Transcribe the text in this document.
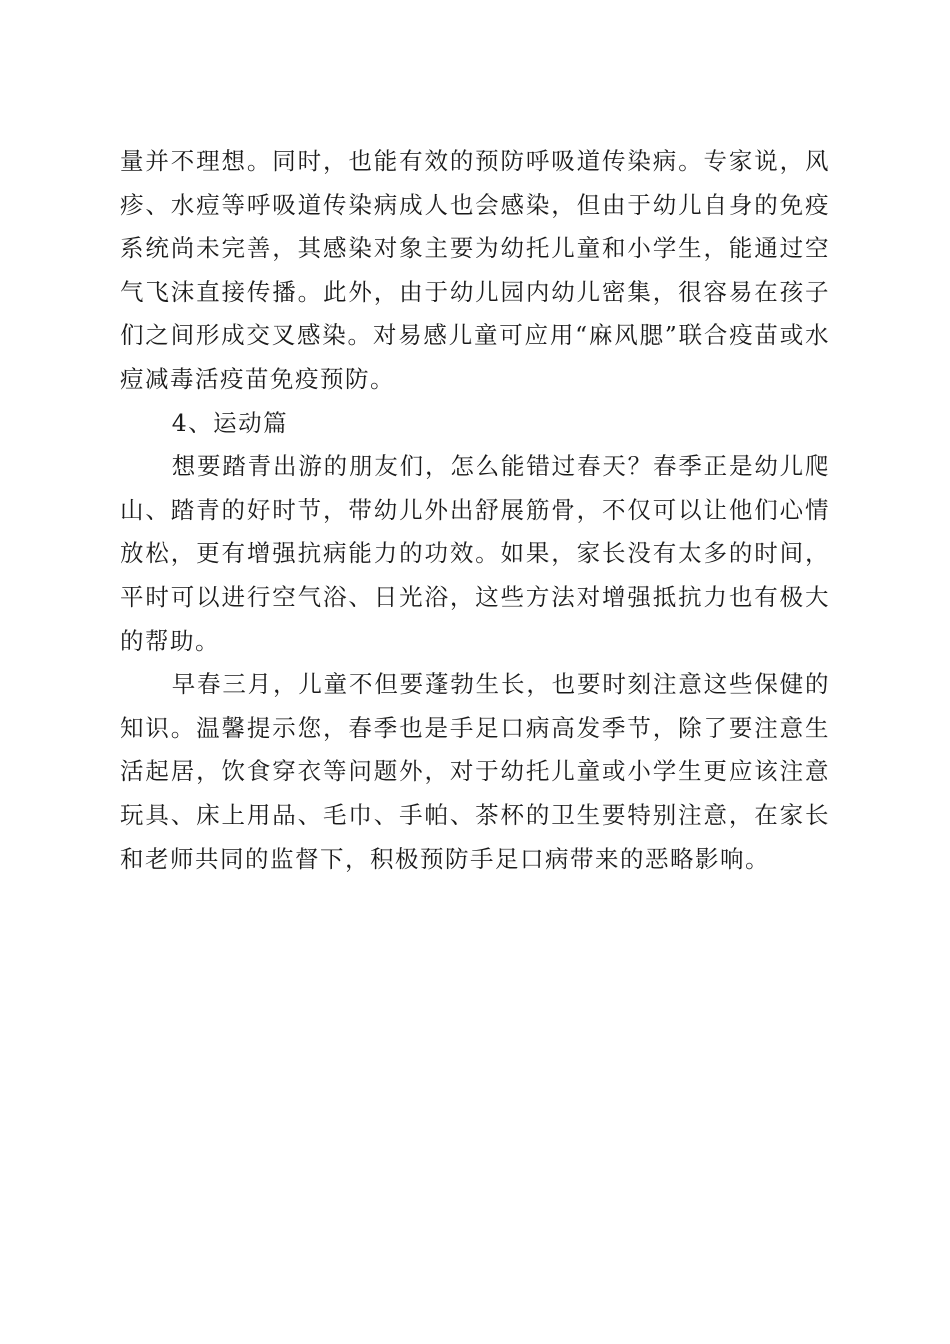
量并不理想。同时，也能有效的预防呼吸道传染病。专家说，风疹、水痘等呼吸道传染病成人也会感染，但由于幼儿自身的免疫系统尚未完善，其感染对象主要为幼托儿童和小学生，能通过空气飞沫直接传播。此外，由于幼儿园内幼儿密集，很容易在孩子们之间形成交叉感染。对易感儿童可应用“麻风腮”联合疫苗或水痘减毒活疫苗免疫预防。

4、运动篇

想要踏青出游的朋友们，怎么能错过春天？春季正是幼儿爬山、踏青的好时节，带幼儿外出舒展筋骨，不仅可以让他们心情放松，更有增强抗病能力的功效。如果，家长没有太多的时间，平时可以进行空气浴、日光浴，这些方法对增强抵抗力也有极大的帮助。

早春三月，儿童不但要蓬勃生长，也要时刻注意这些保健的知识。温馨提示您，春季也是手足口病高发季节，除了要注意生活起居，饮食穿衣等问题外，对于幼托儿童或小学生更应该注意玩具、床上用品、毛巾、手帕、茶杯的卫生要特别注意，在家长和老师共同的监督下，积极预防手足口病带来的恶略影响。
